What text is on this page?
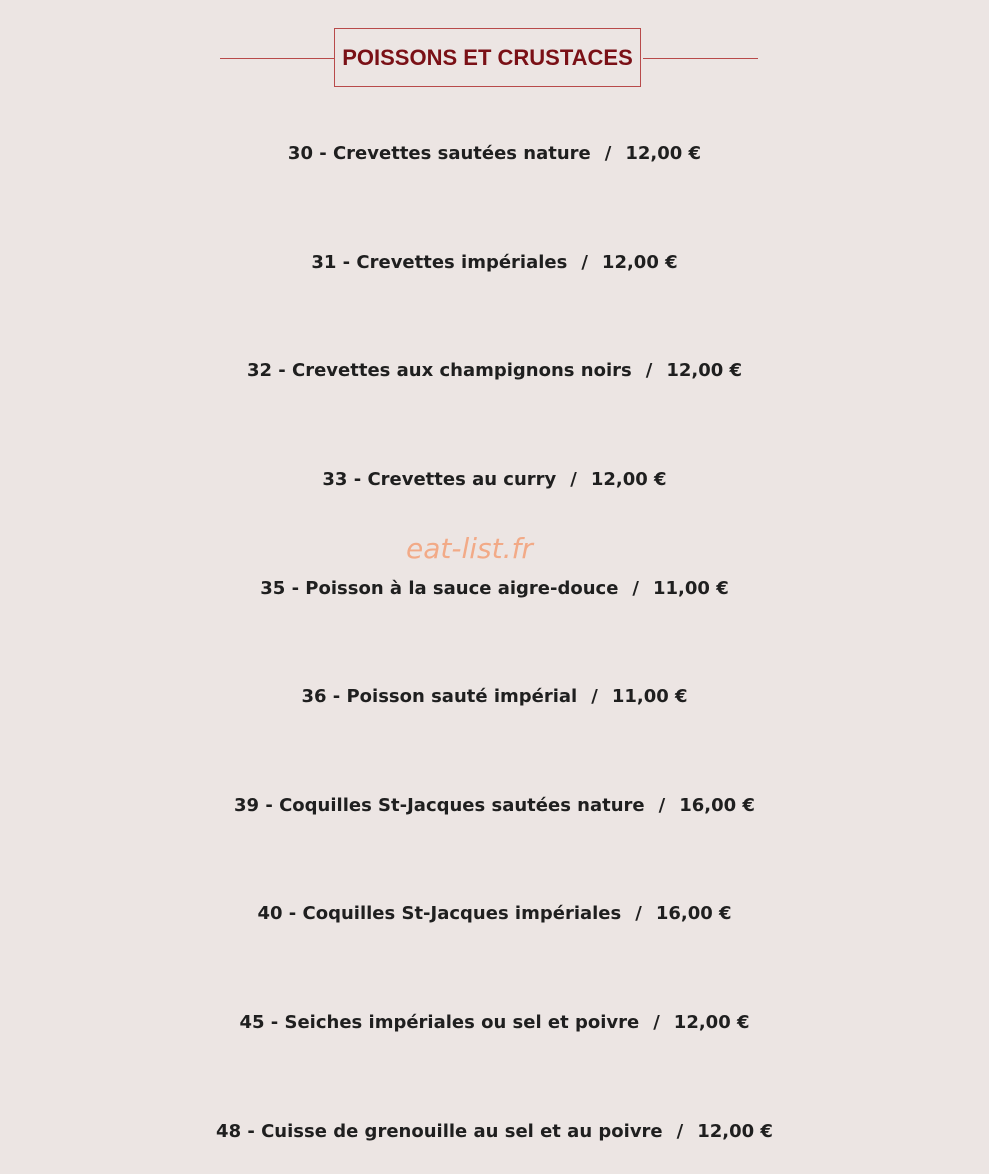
POISSONS ET CRUSTACES
30 - Crevettes sautées nature / 12,00 €
31 - Crevettes impériales / 12,00 €
32 - Crevettes aux champignons noirs / 12,00 €
33 - Crevettes au curry / 12,00 €
eat-list.fr
35 - Poisson à la sauce aigre-douce / 11,00 €
36 - Poisson sauté impérial / 11,00 €
39 - Coquilles St-Jacques sautées nature / 16,00 €
40 - Coquilles St-Jacques impériales / 16,00 €
45 - Seiches impériales ou sel et poivre / 12,00 €
48 - Cuisse de grenouille au sel et au poivre / 12,00 €
